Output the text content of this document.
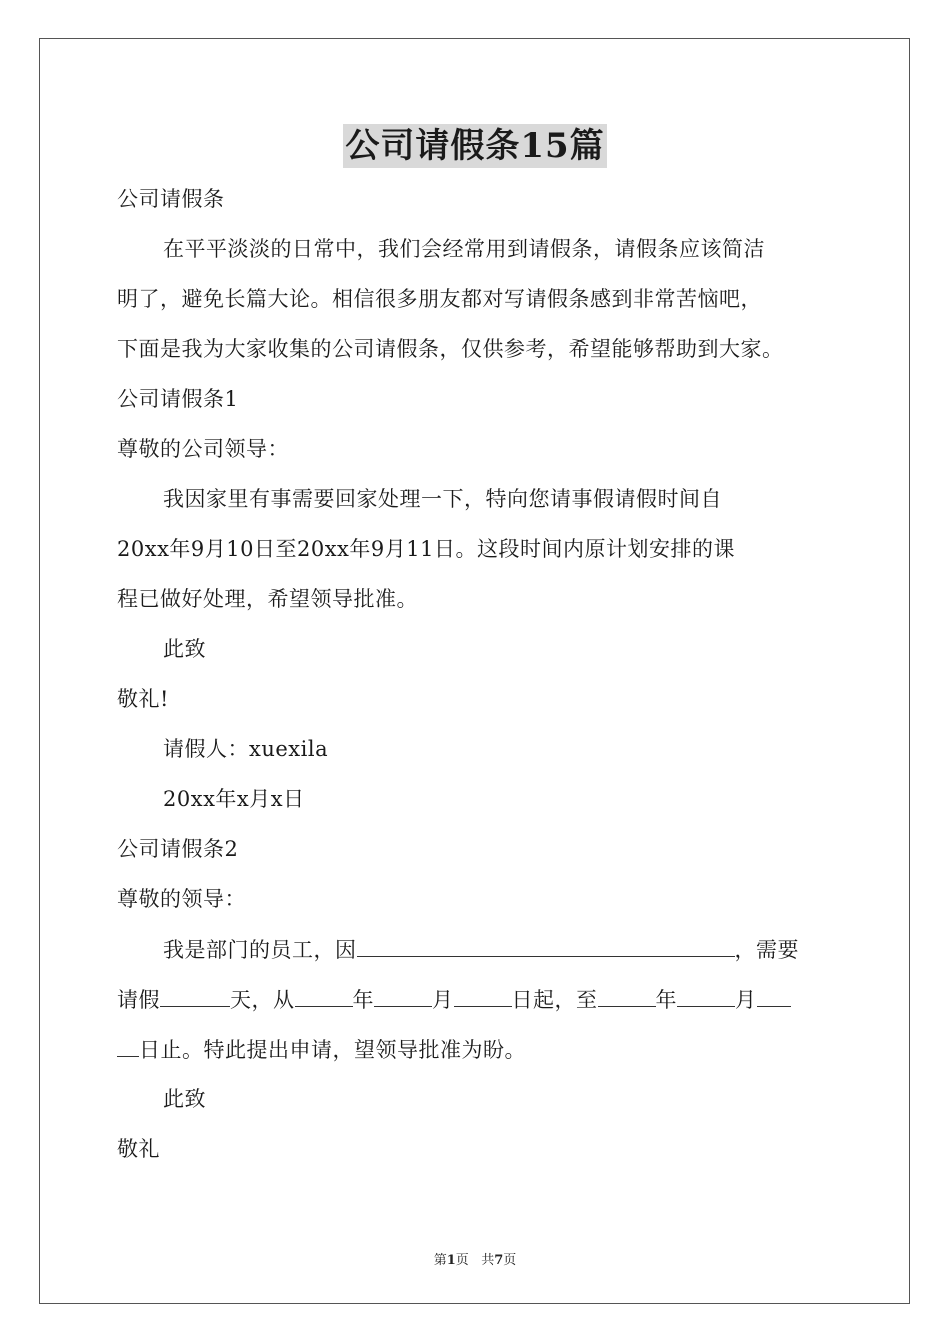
公司请假条15篇
公司请假条
在平平淡淡的日常中，我们会经常用到请假条，请假条应该简洁
明了，避免长篇大论。相信很多朋友都对写请假条感到非常苦恼吧，
下面是我为大家收集的公司请假条，仅供参考，希望能够帮助到大家。
公司请假条1
尊敬的公司领导：
我因家里有事需要回家处理一下，特向您请事假请假时间自
20xx年9月10日至20xx年9月11日。这段时间内原计划安排的课
程已做好处理，希望领导批准。
此致
敬礼!
请假人：xuexila
20xx年x月x日
公司请假条2
尊敬的领导：
我是部门的员工，因	，需要
请假	天，从	年	月	日起，至	年	月
日止。特此提出申请，望领导批准为盼。
此致
敬礼
第1页 共7页
